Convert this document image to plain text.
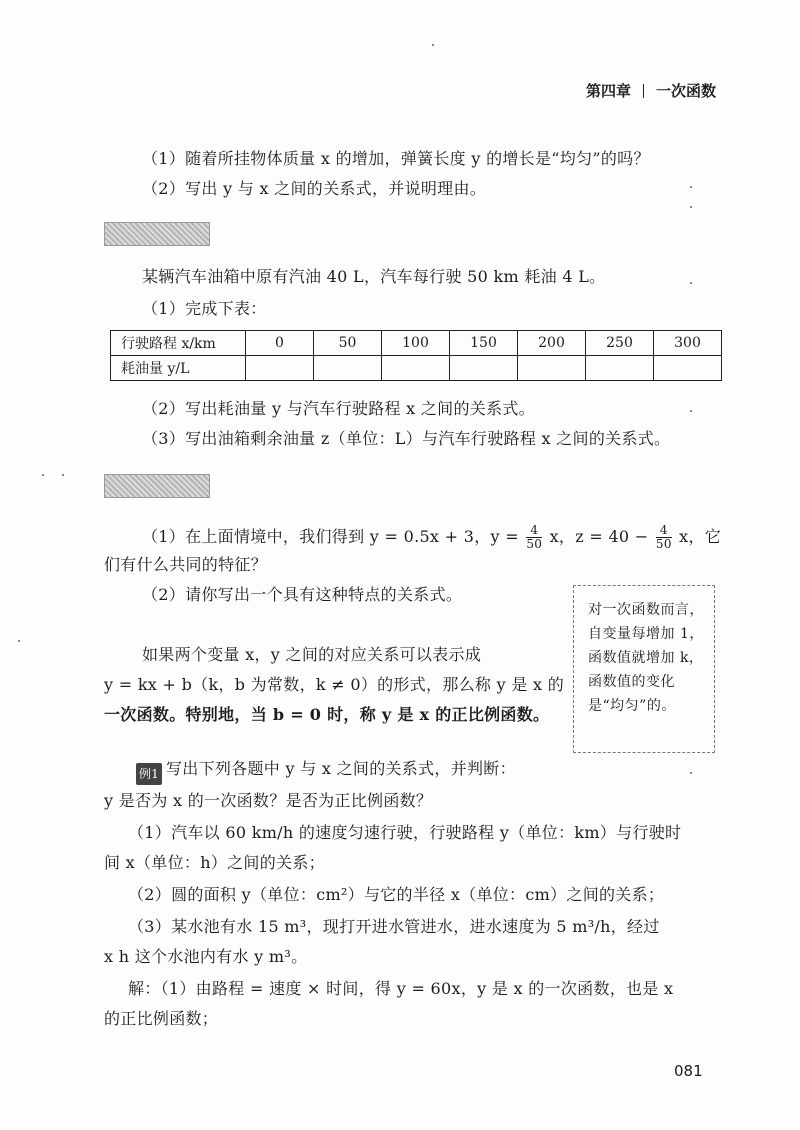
第四章 一次函数
（1）随着所挂物体质量 x 的增加，弹簧长度 y 的增长是“均匀”的吗？
（2）写出 y 与 x 之间的关系式，并说明理由。
某辆汽车油箱中原有汽油 40 L，汽车每行驶 50 km 耗油 4 L。
（1）完成下表：
行驶路程 x/km	0	50	100	150	200	250	300
耗油量 y/L							
（2）写出耗油量 y 与汽车行驶路程 x 之间的关系式。
（3）写出油箱剩余油量 z（单位：L）与汽车行驶路程 x 之间的关系式。
（1）在上面情境中，我们得到 y = 0.5x + 3，$y = \frac{4}{50}$ x，$z = 40 - \frac{4}{50}$ x，它
们有什么共同的特征？
（2）请你写出一个具有这种特点的关系式。
如果两个变量 x，y 之间的对应关系可以表示成
y = kx + b（k，b 为常数，k ≠ 0）的形式，那么称 y 是 x 的
一次函数。特别地，当 b = 0 时，称 y 是 x 的正比例函数。
对一次函数而言，自变量每增加 1，函数值就增加 k，函数值的变化是“均匀”的。
例1 写出下列各题中 y 与 x 之间的关系式，并判断：
y 是否为 x 的一次函数？是否为正比例函数？
（1）汽车以 60 km/h 的速度匀速行驶，行驶路程 y（单位：km）与行驶时
间 x（单位：h）之间的关系；
（2）圆的面积 y（单位：cm²）与它的半径 x（单位：cm）之间的关系；
（3）某水池有水 15 m³，现打开进水管进水，进水速度为 5 m³/h，经过
x h 这个水池内有水 y m³。
解：（1）由路程 = 速度 × 时间，得 y = 60x，y 是 x 的一次函数，也是 x
的正比例函数；
081
